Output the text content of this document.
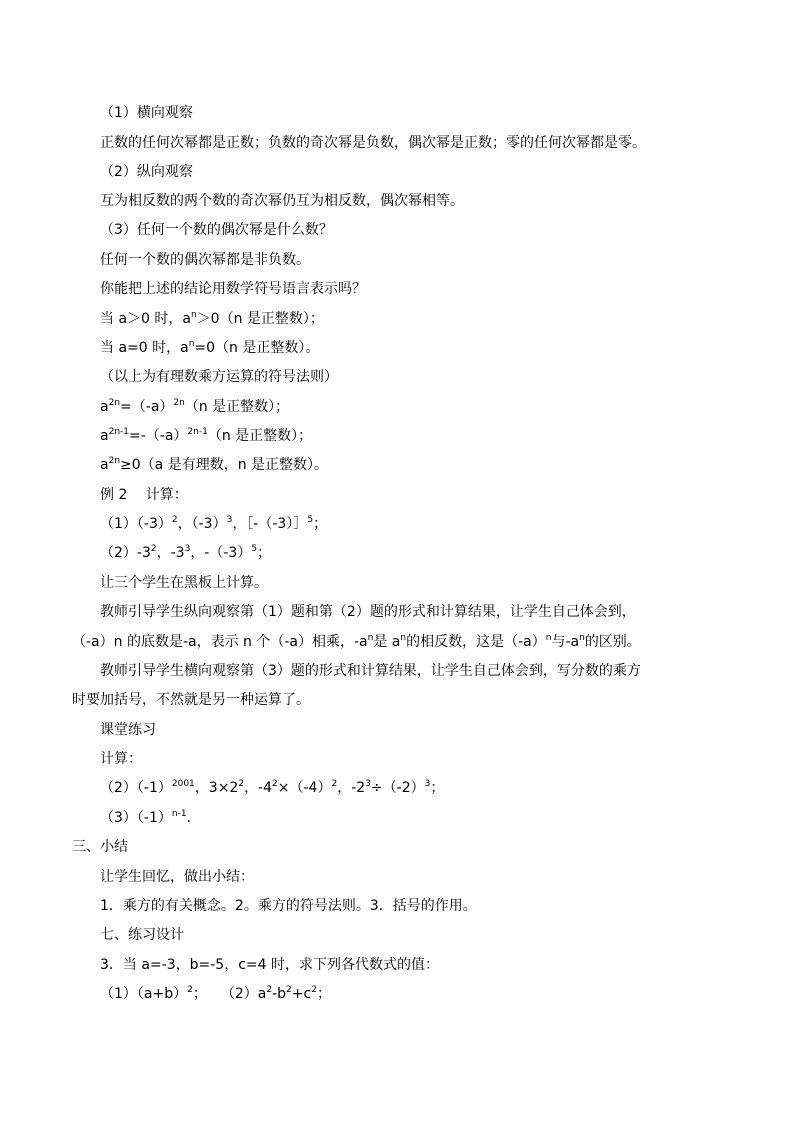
（1）横向观察
正数的任何次幂都是正数；负数的奇次幂是负数，偶次幂是正数；零的任何次幂都是零。
（2）纵向观察
互为相反数的两个数的奇次幂仍互为相反数，偶次幂相等。
（3）任何一个数的偶次幂是什么数？
任何一个数的偶次幂都是非负数。
你能把上述的结论用数学符号语言表示吗？
当 a＞0 时，$a^n>0(n$ 是正整数）；
当 a=0 时，$a^n=0(n$ 是正整数）。
（以上为有理数乘方运算的符号法则）
$a^{2n}=(-a)^{2n}(n$ 是正整数）；
$a^{2n-1}=-(-a)^{2n-1}(n$ 是正整数）；
$a^{2n}\ge 0(a$ 是有理数，n 是正整数）。
例 2　 计算：
$(1)(-3)^2$，$(-3)^3$，［-（-3）］$^5$；
$(2)-3^2$，$-3^3$，$-(-3)^5$；
让三个学生在黑板上计算。
教师引导学生纵向观察第（1）题和第（2）题的形式和计算结果，让学生自己体会到，
（-a）n 的底数是-a，表示 n 个（-a）相乘，$-a^n$是 $a^n$的相反数，这是$(-a)^n$与$-a^n$的区别。
教师引导学生横向观察第（3）题的形式和计算结果，让学生自己体会到，写分数的乘方
时要加括号，不然就是另一种运算了。
课堂练习
计算：
$(2)(-1)^{2001}$，$3\times 2^2$，$-4^2\times(-4)^2$，$-2^3\div(-2)^3$；
$(3)(-1)^{n-1}$.
三、小结
让学生回忆，做出小结：
1．乘方的有关概念。2。乘方的符号法则。3．括号的作用。
七、练习设计
3．当 a=-3，b=-5，c=4 时，求下列各代数式的值：
$(1)(a+b)^2$；　　$(2)a^2-b^2+c^2$；
